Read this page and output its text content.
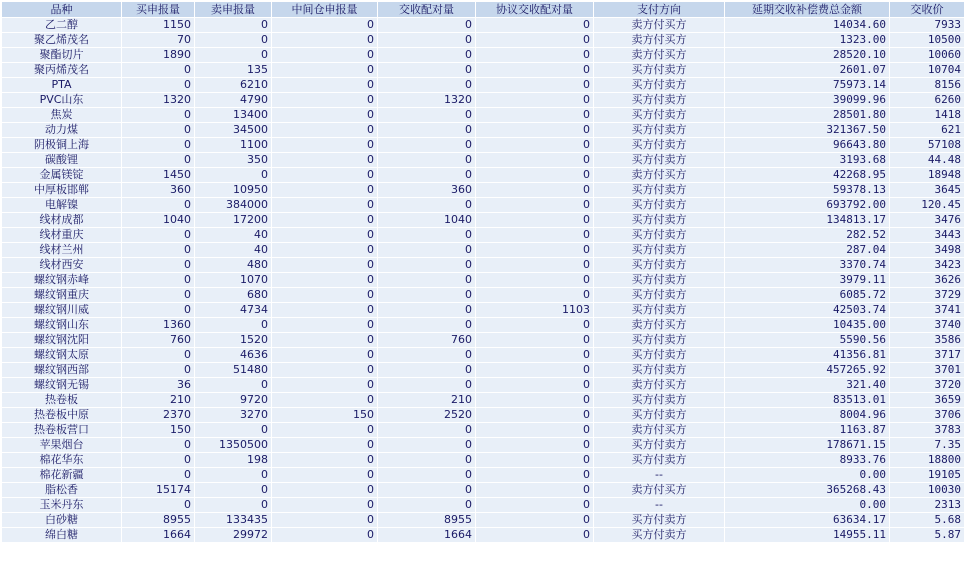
品种	买申报量	卖申报量	中间仓申报量	交收配对量	协议交收配对量	支付方向	延期交收补偿费总金额	交收价
乙二醇	1150	0	0	0	0	卖方付买方	14034.60	7933
聚乙烯茂名	70	0	0	0	0	卖方付买方	1323.00	10500
聚酯切片	1890	0	0	0	0	卖方付买方	28520.10	10060
聚丙烯茂名	0	135	0	0	0	买方付卖方	2601.07	10704
PTA	0	6210	0	0	0	买方付卖方	75973.14	8156
PVC山东	1320	4790	0	1320	0	买方付卖方	39099.96	6260
焦炭	0	13400	0	0	0	买方付卖方	28501.80	1418
动力煤	0	34500	0	0	0	买方付卖方	321367.50	621
阴极铜上海	0	1100	0	0	0	买方付卖方	96643.80	57108
碳酸锂	0	350	0	0	0	买方付卖方	3193.68	44.48
金属镁锭	1450	0	0	0	0	卖方付买方	42268.95	18948
中厚板邯郸	360	10950	0	360	0	买方付卖方	59378.13	3645
电解镍	0	384000	0	0	0	买方付卖方	693792.00	120.45
线材成都	1040	17200	0	1040	0	买方付卖方	134813.17	3476
线材重庆	0	40	0	0	0	买方付卖方	282.52	3443
线材兰州	0	40	0	0	0	买方付卖方	287.04	3498
线材西安	0	480	0	0	0	买方付卖方	3370.74	3423
螺纹钢赤峰	0	1070	0	0	0	买方付卖方	3979.11	3626
螺纹钢重庆	0	680	0	0	0	买方付卖方	6085.72	3729
螺纹钢川威	0	4734	0	0	1103	买方付卖方	42503.74	3741
螺纹钢山东	1360	0	0	0	0	卖方付买方	10435.00	3740
螺纹钢沈阳	760	1520	0	760	0	买方付卖方	5590.56	3586
螺纹钢太原	0	4636	0	0	0	买方付卖方	41356.81	3717
螺纹钢西部	0	51480	0	0	0	买方付卖方	457265.92	3701
螺纹钢无锡	36	0	0	0	0	卖方付买方	321.40	3720
热卷板	210	9720	0	210	0	买方付卖方	83513.01	3659
热卷板中原	2370	3270	150	2520	0	买方付卖方	8004.96	3706
热卷板营口	150	0	0	0	0	卖方付买方	1163.87	3783
苹果烟台	0	1350500	0	0	0	买方付卖方	178671.15	7.35
棉花华东	0	198	0	0	0	买方付卖方	8933.76	18800
棉花新疆	0	0	0	0	0	--	0.00	19105
脂松香	15174	0	0	0	0	卖方付买方	365268.43	10030
玉米丹东	0	0	0	0	0	--	0.00	2313
白砂糖	8955	133435	0	8955	0	买方付卖方	63634.17	5.68
绵白糖	1664	29972	0	1664	0	买方付卖方	14955.11	5.87
